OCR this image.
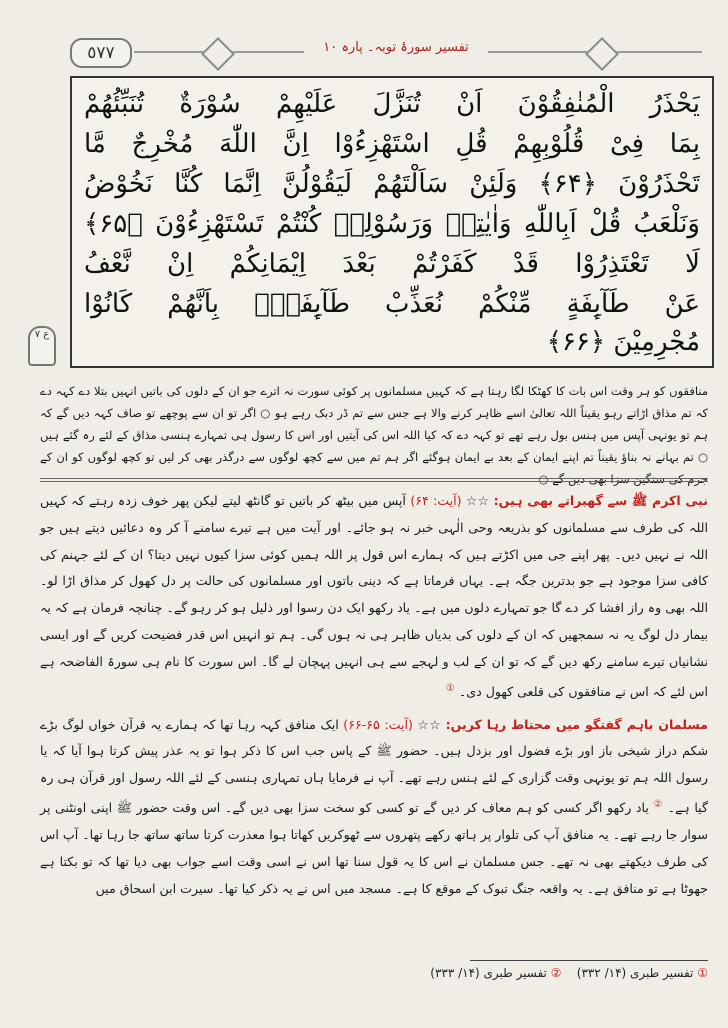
٥٧٧	تفسیر سورۂ توبہ۔ پارہ ۱۰
یَحْذَرُ الْمُنٰفِقُوْنَ اَنْ تُنَزَّلَ عَلَیْھِمْ سُوْرَةٌ تُنَبِّئُھُمْ
بِمَا فِیْ قُلُوْبِھِمْ قُلِ اسْتَھْزِءُوْا اِنَّ اللّٰهَ مُخْرِجٌ مَّا
تَحْذَرُوْنَ ﴿۶۴﴾ وَلَئِنْ سَاَلْتَھُمْ لَیَقُوْلُنَّ اِنَّمَا كُنَّا نَخُوْضُ
وَنَلْعَبُ قُلْ اَبِاللّٰهِ وَاٰیٰتِهٖ وَرَسُوْلِهٖ كُنْتُمْ تَسْتَھْزِءُوْنَ ﴿۶۵﴾
لَا تَعْتَذِرُوْا قَدْ كَفَرْتُمْ بَعْدَ اِیْمَانِكُمْ اِنْ نَّعْفُ
عَنْ طَآىِٕفَةٍ مِّنْكُمْ نُعَذِّبْ طَآىِٕفَةًۢ بِاَنَّھُمْ كَانُوْا
مُجْرِمِیْنَ ﴿۶۶﴾
ع ۷

منافقوں کو ہر وقت اس بات کا کھٹکا لگا رہتا ہے کہ کہیں مسلمانوں پر کوئی سورت نہ اترے جو ان کے دلوں کی باتیں انہیں بتلا دے کہہ دے کہ تم مذاق اڑاتے رہو یقیناً اللہ تعالیٰ اسے ظاہر کرنے والا ہے جس سے تم ڈر دبک رہے ہو ○ اگر تو ان سے پوچھے تو صاف کہہ دیں گے کہ ہم تو یونہی آپس میں ہنس بول رہے تھے تو کہہ دے کہ کیا اللہ اس کی آیتیں اور اس کا رسول ہی تمہارے ہنسی مذاق کے لئے رہ گئے ہیں ○ تم بہانے نہ بناؤ یقیناً تم اپنے ایمان کے بعد بے ایمان ہوگئے اگر ہم تم میں سے کچھ لوگوں سے درگذر بھی کر لیں تو کچھ لوگوں کو ان کے جرم کی سنگین سزا بھی دیں گے ○

نبی اکرم ﷺ سے گھبراتے بھی ہیں: ☆☆ (آیت: ۶۴) آپس میں بیٹھ کر باتیں تو گانٹھ لیتے لیکن پھر خوف زدہ رہتے کہ کہیں اللہ کی طرف سے مسلمانوں کو بذریعہ وحی الٰہی خبر نہ ہو جائے۔ اور آیت میں ہے تیرے سامنے آ کر وہ دعائیں دیتے ہیں جو اللہ نے نہیں دیں۔ پھر اپنے جی میں اکڑتے ہیں کہ ہمارے اس قول پر اللہ ہمیں کوئی سزا کیوں نہیں دیتا؟ ان کے لئے جہنم کی کافی سزا موجود ہے جو بدترین جگہ ہے۔ یہاں فرماتا ہے کہ دینی باتوں اور مسلمانوں کی حالت پر دل کھول کر مذاق اڑا لو۔ اللہ بھی وہ راز افشا کر دے گا جو تمہارے دلوں میں ہے۔ یاد رکھو ایک دن رسوا اور ذلیل ہو کر رہو گے۔ چنانچہ فرمان ہے کہ یہ بیمار دل لوگ یہ نہ سمجھیں کہ ان کے دلوں کی بدیاں ظاہر ہی نہ ہوں گی۔ ہم تو انہیں اس قدر فضیحت کریں گے اور ایسی نشانیاں تیرے سامنے رکھ دیں گے کہ تو ان کے لب و لہجے سے ہی انہیں پہچان لے گا۔ اس سورت کا نام ہی سورۃ الفاضحہ ہے اس لئے کہ اس نے منافقوں کی قلعی کھول دی۔ ①

مسلمان باہم گفتگو میں محتاط رہا کریں: ☆☆ (آیت: ۶۵-۶۶) ایک منافق کہہ رہا تھا کہ ہمارے یہ قرآن خواں لوگ بڑے شکم دراز شیخی باز اور بڑے فضول اور بزدل ہیں۔ حضور ﷺ کے پاس جب اس کا ذکر ہوا تو یہ عذر پیش کرتا ہوا آیا کہ یا رسول اللہ ہم تو یونہی وقت گزاری کے لئے ہنس رہے تھے۔ آپ نے فرمایا ہاں تمہاری ہنسی کے لئے اللہ رسول اور قرآن ہی رہ گیا ہے۔ ② یاد رکھو اگر کسی کو ہم معاف کر دیں گے تو کسی کو سخت سزا بھی دیں گے۔ اس وقت حضور ﷺ اپنی اونٹنی پر سوار جا رہے تھے۔ یہ منافق آپ کی تلوار پر ہاتھ رکھے پتھروں سے ٹھوکریں کھاتا ہوا معذرت کرتا ساتھ ساتھ جا رہا تھا۔ آپ اس کی طرف دیکھتے بھی نہ تھے۔ جس مسلمان نے اس کا یہ قول سنا تھا اس نے اسی وقت اسے جواب بھی دیا تھا کہ تو بکتا ہے جھوٹا ہے تو منافق ہے۔ یہ واقعہ جنگ تبوک کے موقع کا ہے۔ مسجد میں اس نے یہ ذکر کیا تھا۔ سیرت ابن اسحاق میں

① تفسیر طبری (۱۴/ ۳۳۲)    ② تفسیر طبری (۱۴/ ۳۳۳)
